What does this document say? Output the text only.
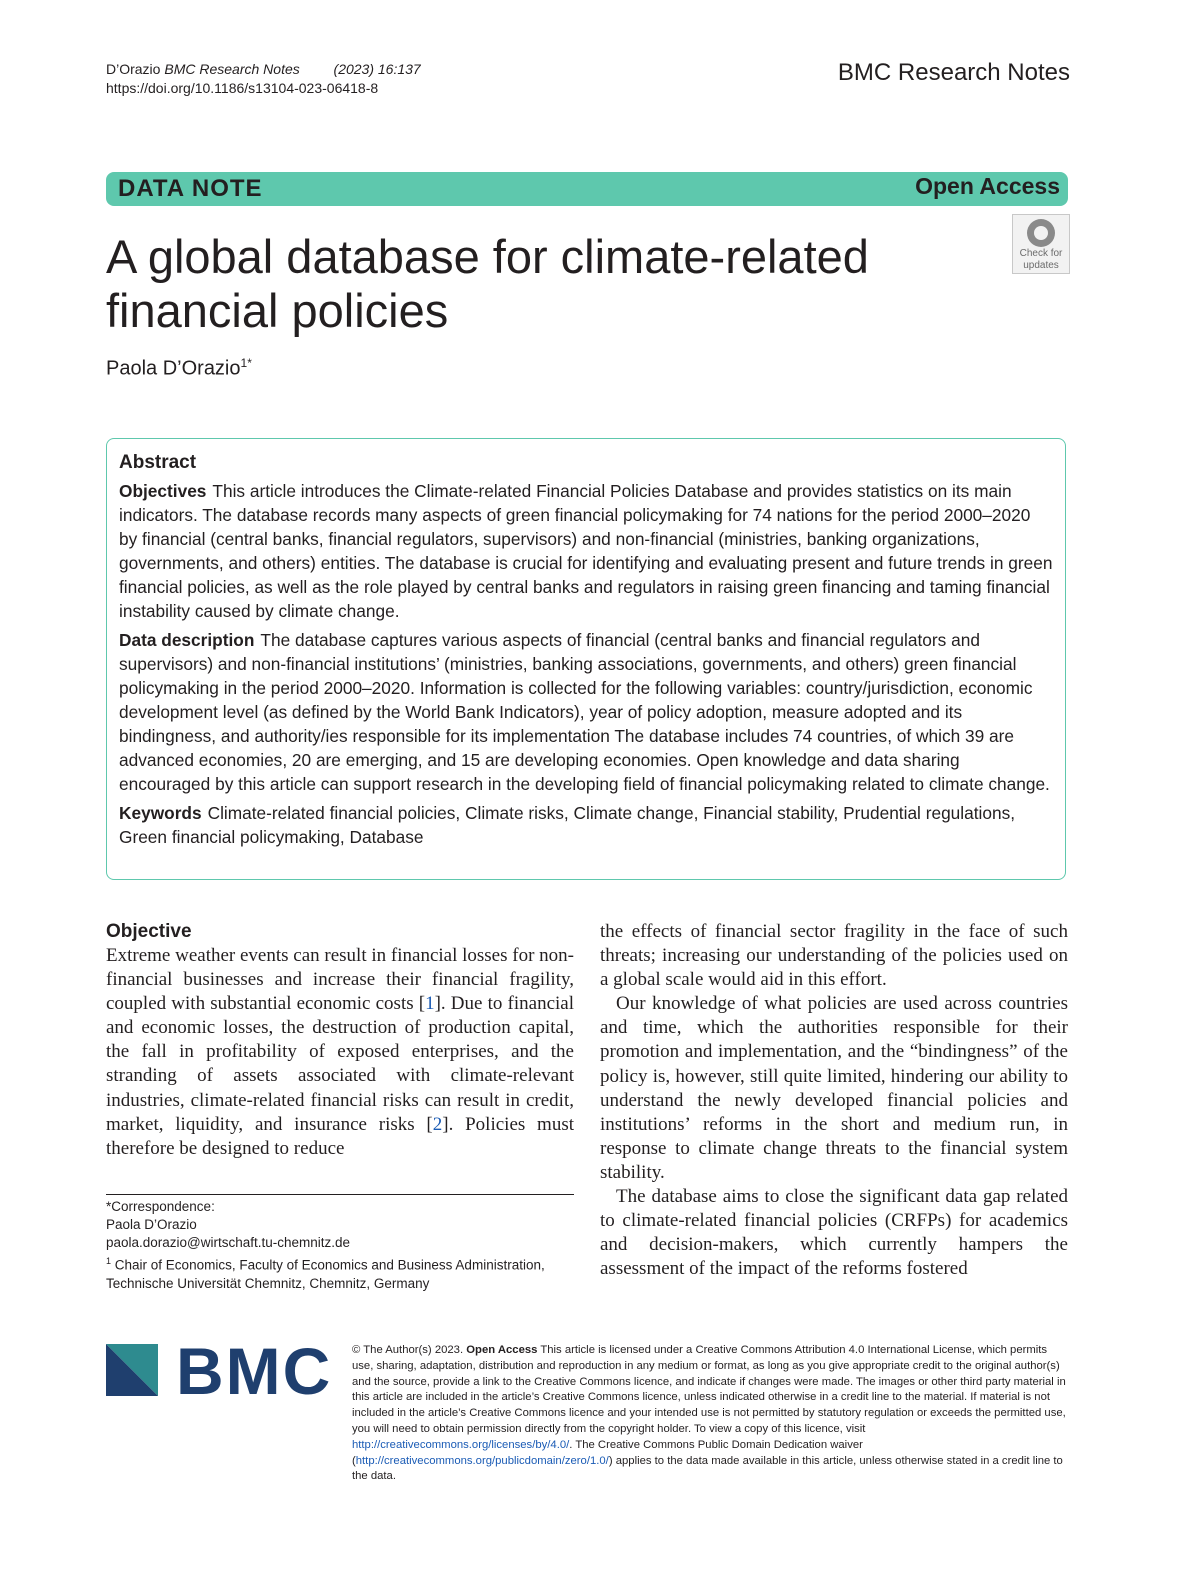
D’Orazio BMC Research Notes (2023) 16:137
https://doi.org/10.1186/s13104-023-06418-8
BMC Research Notes
DATA NOTE	Open Access
Check for
updates
A global database for climate-related
financial policies
Paola D’Orazio$^{1*}$
Abstract

Objectives This article introduces the Climate-related Financial Policies Database and provides statistics on its main indicators. The database records many aspects of green financial policymaking for 74 nations for the period 2000–2020 by financial (central banks, financial regulators, supervisors) and non-financial (ministries, banking organizations, governments, and others) entities. The database is crucial for identifying and evaluating present and future trends in green financial policies, as well as the role played by central banks and regulators in raising green financing and taming financial instability caused by climate change.

Data description The database captures various aspects of financial (central banks and financial regulators and supervisors) and non-financial institutions’ (ministries, banking associations, governments, and others) green financial policymaking in the period 2000–2020. Information is collected for the following variables: country/jurisdiction, economic development level (as defined by the World Bank Indicators), year of policy adoption, measure adopted and its bindingness, and authority/ies responsible for its implementation The database includes 74 countries, of which 39 are advanced economies, 20 are emerging, and 15 are developing economies. Open knowledge and data sharing encouraged by this article can support research in the developing field of financial policymaking related to climate change.

Keywords Climate-related financial policies, Climate risks, Climate change, Financial stability, Prudential regulations, Green financial policymaking, Database

Objective

Extreme weather events can result in financial losses for non-financial businesses and increase their financial fragility, coupled with substantial economic costs [1]. Due to financial and economic losses, the destruction of production capital, the fall in profitability of exposed enterprises, and the stranding of assets associated with climate-relevant industries, climate-related financial risks can result in credit, market, liquidity, and insurance risks [2]. Policies must therefore be designed to reduce

the effects of financial sector fragility in the face of such threats; increasing our understanding of the policies used on a global scale would aid in this effort.

Our knowledge of what policies are used across countries and time, which the authorities responsible for their promotion and implementation, and the “bindingness” of the policy is, however, still quite limited, hindering our ability to understand the newly developed financial policies and institutions’ reforms in the short and medium run, in response to climate change threats to the financial system stability.

The database aims to close the significant data gap related to climate-related financial policies (CRFPs) for academics and decision-makers, which currently hampers the assessment of the impact of the reforms fostered

*Correspondence:

Paola D’Orazio

paola.dorazio@wirtschaft.tu-chemnitz.de

$^1$ Chair of Economics, Faculty of Economics and Business Administration,

Technische Universität Chemnitz, Chemnitz, Germany

BMC © The Author(s) 2023. Open Access This article is licensed under a Creative Commons Attribution 4.0 International License, which permits use, sharing, adaptation, distribution and reproduction in any medium or format, as long as you give appropriate credit to the original author(s) and the source, provide a link to the Creative Commons licence, and indicate if changes were made. The images or other third party material in this article are included in the article’s Creative Commons licence, unless indicated otherwise in a credit line to the material. If material is not included in the article’s Creative Commons licence and your intended use is not permitted by statutory regulation or exceeds the permitted use, you will need to obtain permission directly from the copyright holder. To view a copy of this licence, visit http://creativecommons.org/licenses/by/4.0/. The Creative Commons Public Domain Dedication waiver (http://creativecommons.org/publicdomain/zero/1.0/) applies to the data made available in this article, unless otherwise stated in a credit line to the data.
